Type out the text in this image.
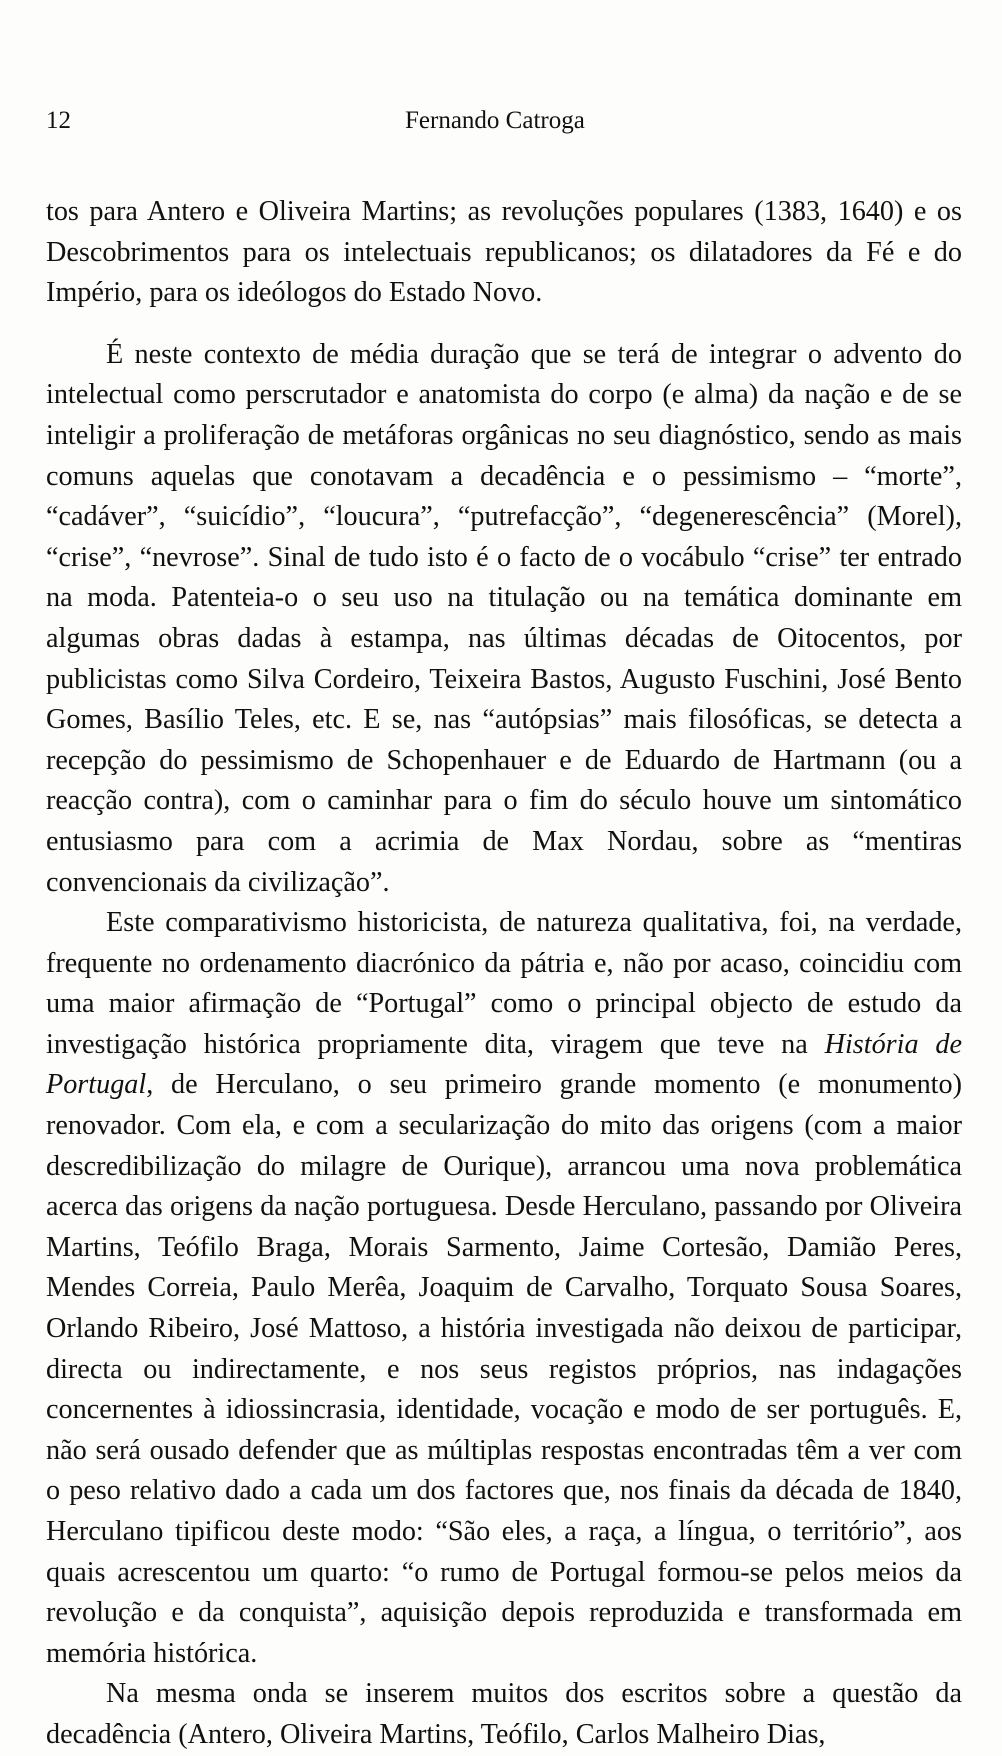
12	Fernando Catroga

tos para Antero e Oliveira Martins; as revoluções populares (1383, 1640) e os Descobrimentos para os intelectuais republicanos; os dilatadores da Fé e do Império, para os ideólogos do Estado Novo.

É neste contexto de média duração que se terá de integrar o advento do intelectual como perscrutador e anatomista do corpo (e alma) da nação e de se inteligir a proliferação de metáforas orgânicas no seu diagnóstico, sendo as mais comuns aquelas que conotavam a decadência e o pessimismo – “morte”, “cadáver”, “suicídio”, “loucura”, “putrefacção”, “degenerescência” (Morel), “crise”, “nevrose”. Sinal de tudo isto é o facto de o vocábulo “crise” ter entrado na moda. Patenteia-o o seu uso na titulação ou na temática dominante em algumas obras dadas à estampa, nas últimas décadas de Oitocentos, por publicistas como Silva Cordeiro, Teixeira Bastos, Augusto Fuschini, José Bento Gomes, Basílio Teles, etc. E se, nas “autópsias” mais filosóficas, se detecta a recepção do pessimismo de Schopenhauer e de Eduardo de Hartmann (ou a reacção contra), com o caminhar para o fim do século houve um sintomático entusiasmo para com a acrimia de Max Nordau, sobre as “mentiras convencionais da civilização”.

Este comparativismo historicista, de natureza qualitativa, foi, na verdade, frequente no ordenamento diacrónico da pátria e, não por acaso, coincidiu com uma maior afirmação de “Portugal” como o principal objecto de estudo da investigação histórica propriamente dita, viragem que teve na História de Portugal, de Herculano, o seu primeiro grande momento (e monumento) renovador. Com ela, e com a secularização do mito das origens (com a maior descredibilização do milagre de Ourique), arrancou uma nova problemática acerca das origens da nação portuguesa. Desde Herculano, passando por Oliveira Martins, Teófilo Braga, Morais Sarmento, Jaime Cortesão, Damião Peres, Mendes Correia, Paulo Merêa, Joaquim de Carvalho, Torquato Sousa Soares, Orlando Ribeiro, José Mattoso, a história investigada não deixou de participar, directa ou indirectamente, e nos seus registos próprios, nas indagações concernentes à idiossincrasia, identidade, vocação e modo de ser português. E, não será ousado defender que as múltiplas respostas encontradas têm a ver com o peso relativo dado a cada um dos factores que, nos finais da década de 1840, Herculano tipificou deste modo: “São eles, a raça, a língua, o território”, aos quais acrescentou um quarto: “o rumo de Portugal formou-se pelos meios da revolução e da conquista”, aquisição depois reproduzida e transformada em memória histórica.

Na mesma onda se inserem muitos dos escritos sobre a questão da decadência (Antero, Oliveira Martins, Teófilo, Carlos Malheiro Dias,
